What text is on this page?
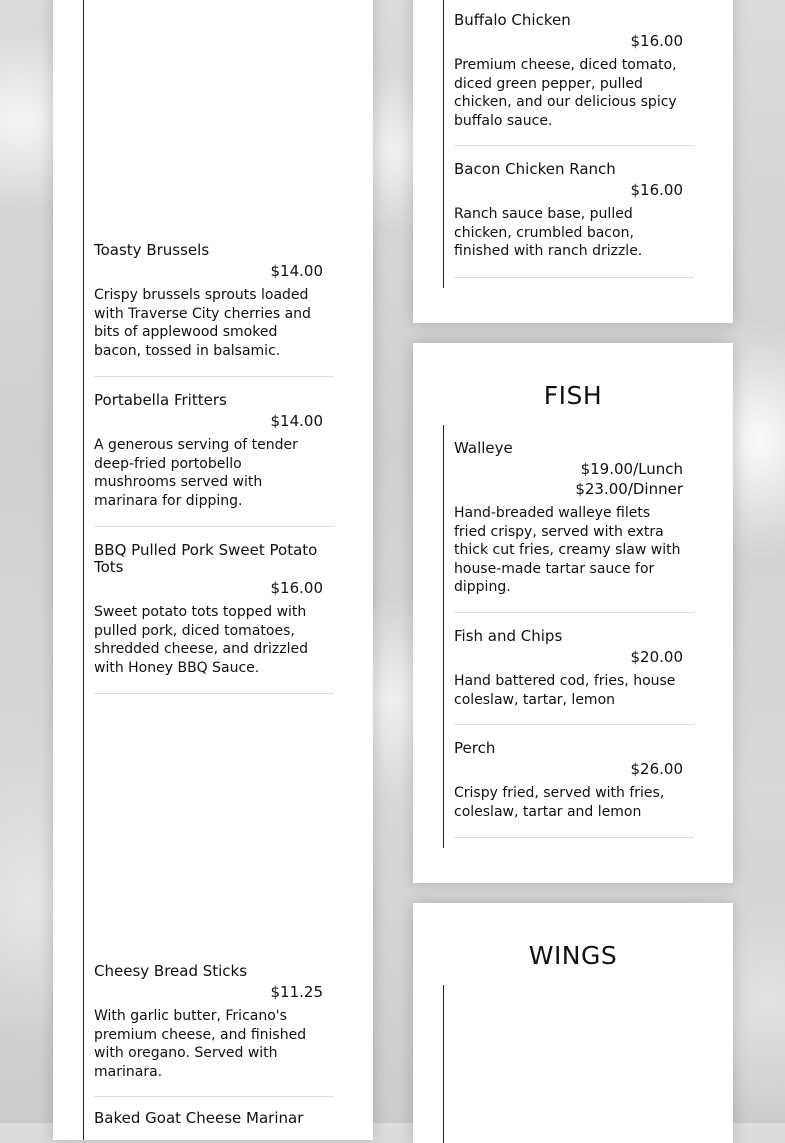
Toasty Brussels
$14.00
Crispy brussels sprouts loaded with Traverse City cherries and bits of applewood smoked bacon, tossed in balsamic.
Portabella Fritters
$14.00
A generous serving of tender deep-fried portobello mushrooms served with marinara for dipping.
BBQ Pulled Pork Sweet Potato Tots
$16.00
Sweet potato tots topped with pulled pork, diced tomatoes, shredded cheese, and drizzled with Honey BBQ Sauce.
Cheesy Bread Sticks
$11.25
With garlic butter, Fricano's premium cheese, and finished with oregano. Served with marinara.
Baked Goat Cheese Marinar
Buffalo Chicken
$16.00
Premium cheese, diced tomato, diced green pepper, pulled chicken, and our delicious spicy buffalo sauce.
Bacon Chicken Ranch
$16.00
Ranch sauce base, pulled chicken, crumbled bacon, finished with ranch drizzle.
FISH
Walleye
$19.00/Lunch
$23.00/Dinner
Hand-breaded walleye filets fried crispy, served with extra thick cut fries, creamy slaw with house-made tartar sauce for dipping.
Fish and Chips
$20.00
Hand battered cod, fries, house coleslaw, tartar, lemon
Perch
$26.00
Crispy fried, served with fries, coleslaw, tartar and lemon
WINGS
